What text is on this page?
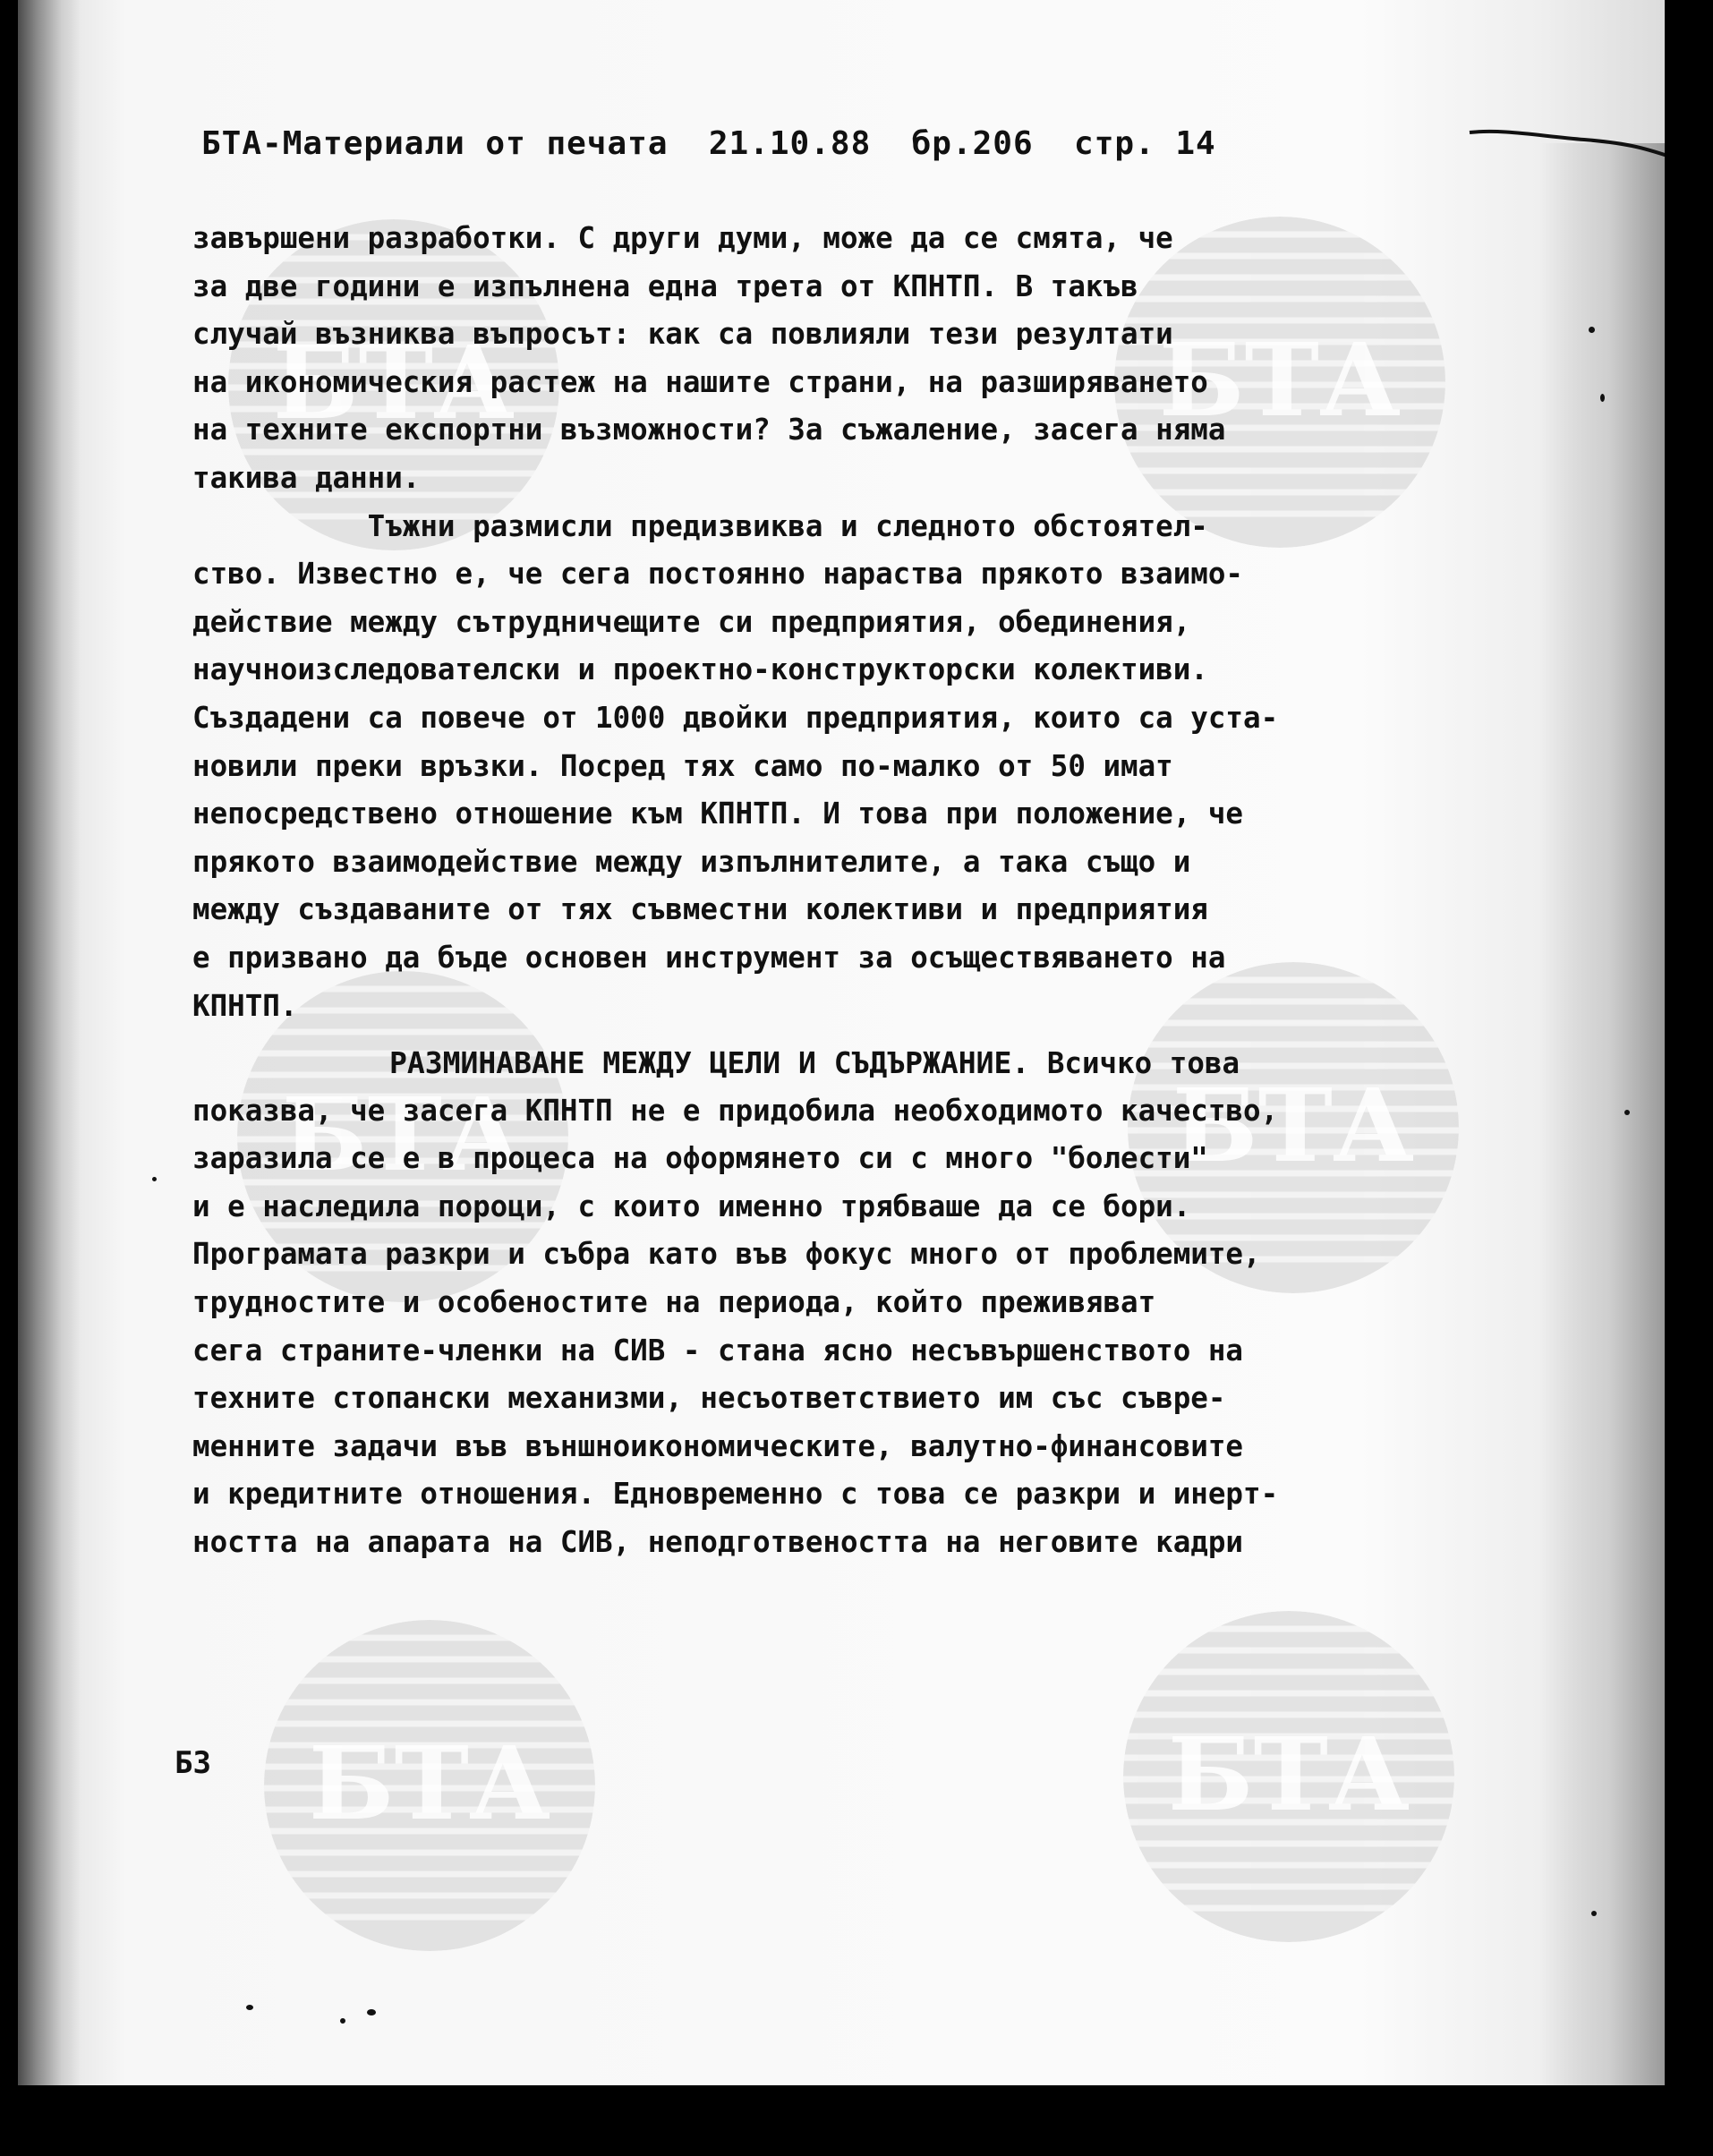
БТА	БТА
БТА	БТА
БТА	БТА
БТА-Материали от печата 21.10.88 бр.206 стр. 14
завършени разработки. С други думи, може да се смята, че
за две години е изпълнена една трета от КПНТП. В такъв
случай възниква въпросът: как са повлияли тези резултати
на икономическия растеж на нашите страни, на разширяването
на техните експортни възможности? За съжаление, засега няма
такива данни.
Тъжни размисли предизвиква и следното обстоятел-
ство. Известно е, че сега постоянно нараства прякото взаимо-
действие между сътрудничещите си предприятия, обединения,
научноизследователски и проектно-конструкторски колективи.
Създадени са повече от 1000 двойки предприятия, които са уста-
новили преки връзки. Посред тях само по-малко от 50 имат
непосредствено отношение към КПНТП. И това при положение, че
прякото взаимодействие между изпълнителите, а така също и
между създаваните от тях съвместни колективи и предприятия
е призвано да бъде основен инструмент за осъществяването на
КПНТП.
РАЗМИНАВАНЕ МЕЖДУ ЦЕЛИ И СЪДЪРЖАНИЕ. Всичко това
показва, че засега КПНТП не е придобила необходимото качество,
заразила се е в процеса на оформянето си с много "болести"
и е наследила пороци, с които именно трябваше да се бори.
Програмата разкри и събра като във фокус много от проблемите,
трудностите и особеностите на периода, който преживяват
сега страните-членки на СИВ - стана ясно несъвършенството на
техните стопански механизми, несъответствието им със съвре-
менните задачи във външноикономическите, валутно-финансовите
и кредитните отношения. Едновременно с това се разкри и инерт-
ността на апарата на СИВ, неподготвеността на неговите кадри
БЗ
